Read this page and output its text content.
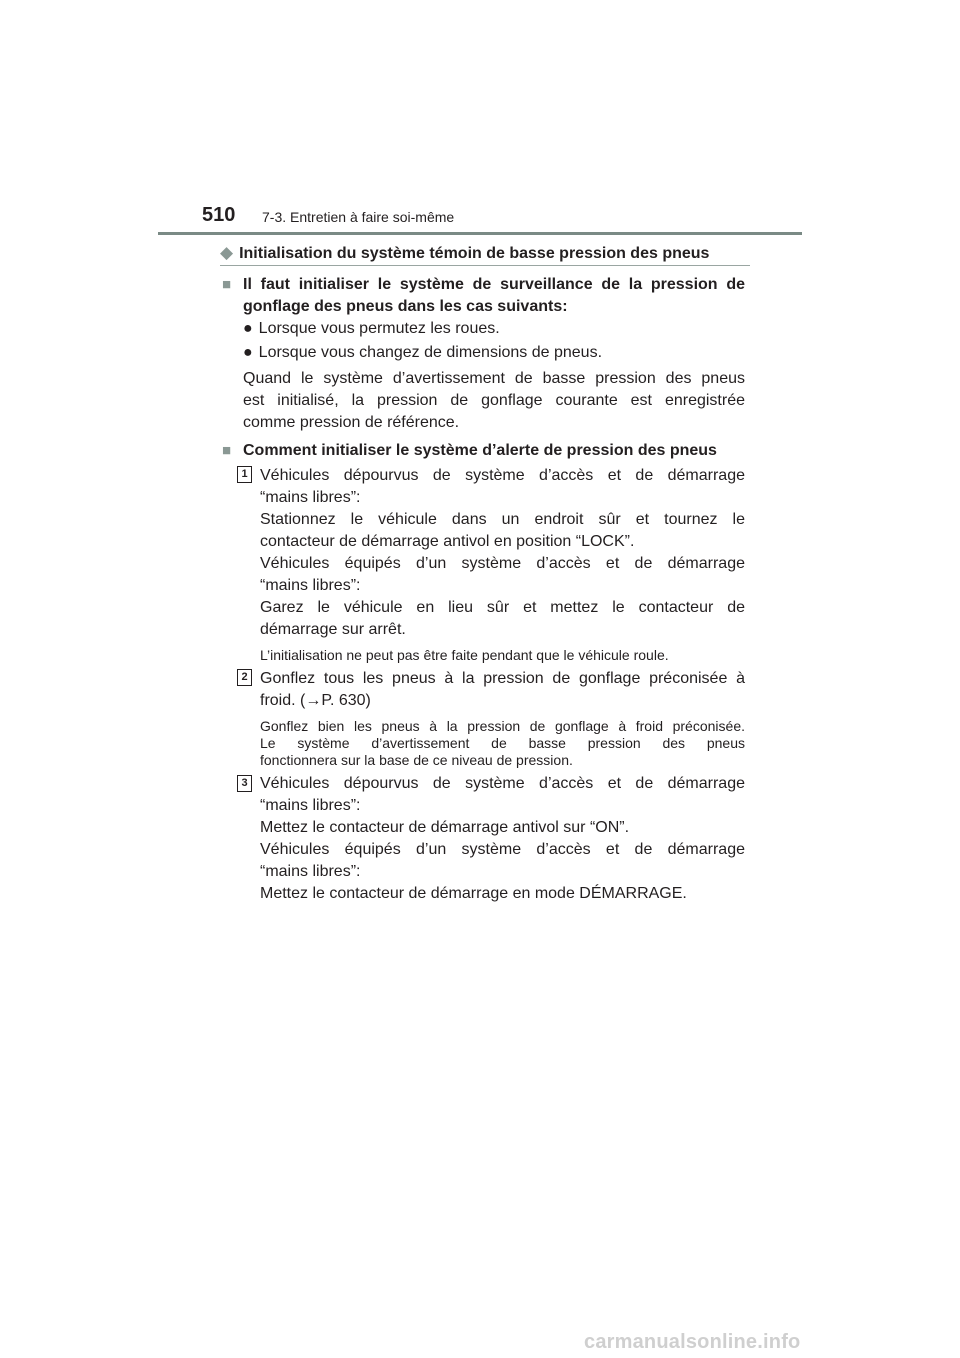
510 7-3. Entretien à faire soi-même
◆ Initialisation du système témoin de basse pression des pneus
■ Il faut initialiser le système de surveillance de la pression de
gonflage des pneus dans les cas suivants:
● Lorsque vous permutez les roues.
● Lorsque vous changez de dimensions de pneus.
Quand le système d’avertissement de basse pression des pneus
est initialisé, la pression de gonflage courante est enregistrée
comme pression de référence.
■ Comment initialiser le système d’alerte de pression des pneus
1 Véhicules dépourvus de système d’accès et de démarrage
“mains libres”:
Stationnez le véhicule dans un endroit sûr et tournez le
contacteur de démarrage antivol en position “LOCK”.
Véhicules équipés d’un système d’accès et de démarrage
“mains libres”:
Garez le véhicule en lieu sûr et mettez le contacteur de
démarrage sur arrêt.
L’initialisation ne peut pas être faite pendant que le véhicule roule.
2 Gonflez tous les pneus à la pression de gonflage préconisée à
froid. (→P. 630)
Gonflez bien les pneus à la pression de gonflage à froid préconisée.
Le système d’avertissement de basse pression des pneus
fonctionnera sur la base de ce niveau de pression.
3 Véhicules dépourvus de système d’accès et de démarrage
“mains libres”:
Mettez le contacteur de démarrage antivol sur “ON”.
Véhicules équipés d’un système d’accès et de démarrage
“mains libres”:
Mettez le contacteur de démarrage en mode DÉMARRAGE.
carmanualsonline.info
